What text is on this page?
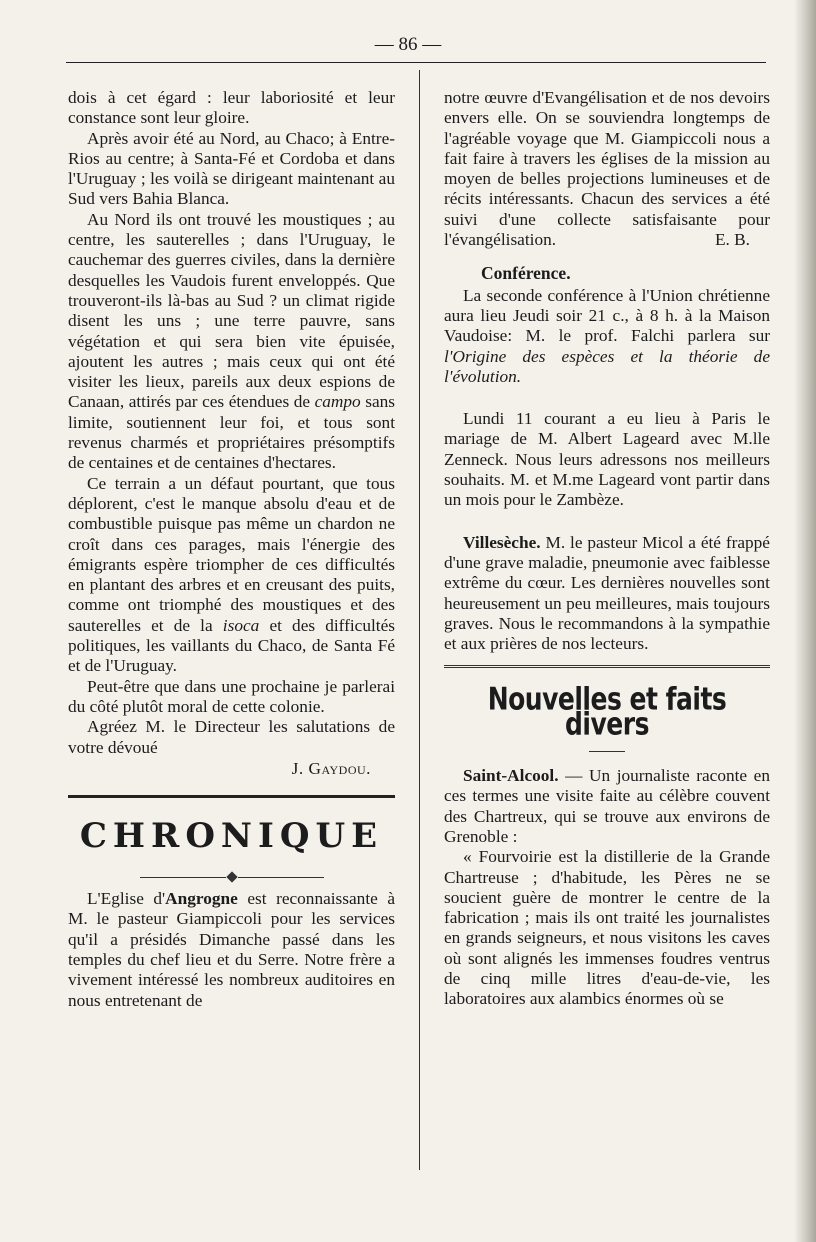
— 86 —

dois à cet égard : leur laboriosité et leur constance sont leur gloire.

Après avoir été au Nord, au Chaco; à Entre-Rios au centre; à Santa-Fé et Cordoba et dans l'Uruguay ; les voilà se dirigeant maintenant au Sud vers Bahia Blanca.

Au Nord ils ont trouvé les moustiques ; au centre, les sauterelles ; dans l'Uruguay, le cauchemar des guerres civiles, dans la dernière desquelles les Vaudois furent enveloppés. Que trouveront-ils là-bas au Sud ? un climat rigide disent les uns ; une terre pauvre, sans végétation et qui sera bien vite épuisée, ajoutent les autres ; mais ceux qui ont été visiter les lieux, pareils aux deux espions de Canaan, attirés par ces étendues de campo sans limite, soutiennent leur foi, et tous sont revenus charmés et propriétaires présomptifs de centaines et de centaines d'hectares.

Ce terrain a un défaut pourtant, que tous déplorent, c'est le manque absolu d'eau et de combustible puisque pas même un chardon ne croît dans ces parages, mais l'énergie des émigrants espère triompher de ces difficultés en plantant des arbres et en creusant des puits, comme ont triomphé des moustiques et des sauterelles et de la isoca et des difficultés politiques, les vaillants du Chaco, de Santa Fé et de l'Uruguay.

Peut-être que dans une prochaine je parlerai du côté plutôt moral de cette colonie.

Agréez M. le Directeur les salutations de votre dévoué

J. Gaydou.

CHRONIQUE

L'Eglise d'Angrogne est reconnaissante à M. le pasteur Giampiccoli pour les services qu'il a présidés Dimanche passé dans les temples du chef lieu et du Serre. Notre frère a vivement intéressé les nombreux auditoires en nous entretenant de

notre œuvre d'Evangélisation et de nos devoirs envers elle. On se souviendra longtemps de l'agréable voyage que M. Giampiccoli nous a fait faire à travers les églises de la mission au moyen de belles projections lumineuses et de récits intéressants. Chacun des services a été suivi d'une collecte satisfaisante pour l'évangélisation.	E. B.

Conférence.

La seconde conférence à l'Union chrétienne aura lieu Jeudi soir 21 c., à 8 h. à la Maison Vaudoise: M. le prof. Falchi parlera sur l'Origine des espèces et la théorie de l'évolution.

Lundi 11 courant a eu lieu à Paris le mariage de M. Albert Lageard avec M.lle Zenneck. Nous leurs adressons nos meilleurs souhaits. M. et M.me Lageard vont partir dans un mois pour le Zambèze.

Villesèche. M. le pasteur Micol a été frappé d'une grave maladie, pneumonie avec faiblesse extrême du cœur. Les dernières nouvelles sont heureusement un peu meilleures, mais toujours graves. Nous le recommandons à la sympathie et aux prières de nos lecteurs.

Nouvelles et faits divers

Saint-Alcool. — Un journaliste raconte en ces termes une visite faite au célèbre couvent des Chartreux, qui se trouve aux environs de Grenoble :

« Fourvoirie est la distillerie de la Grande Chartreuse ; d'habitude, les Pères ne se soucient guère de montrer le centre de la fabrication ; mais ils ont traité les journalistes en grands seigneurs, et nous visitons les caves où sont alignés les immenses foudres ventrus de cinq mille litres d'eau-de-vie, les laboratoires aux alambics énormes où se
